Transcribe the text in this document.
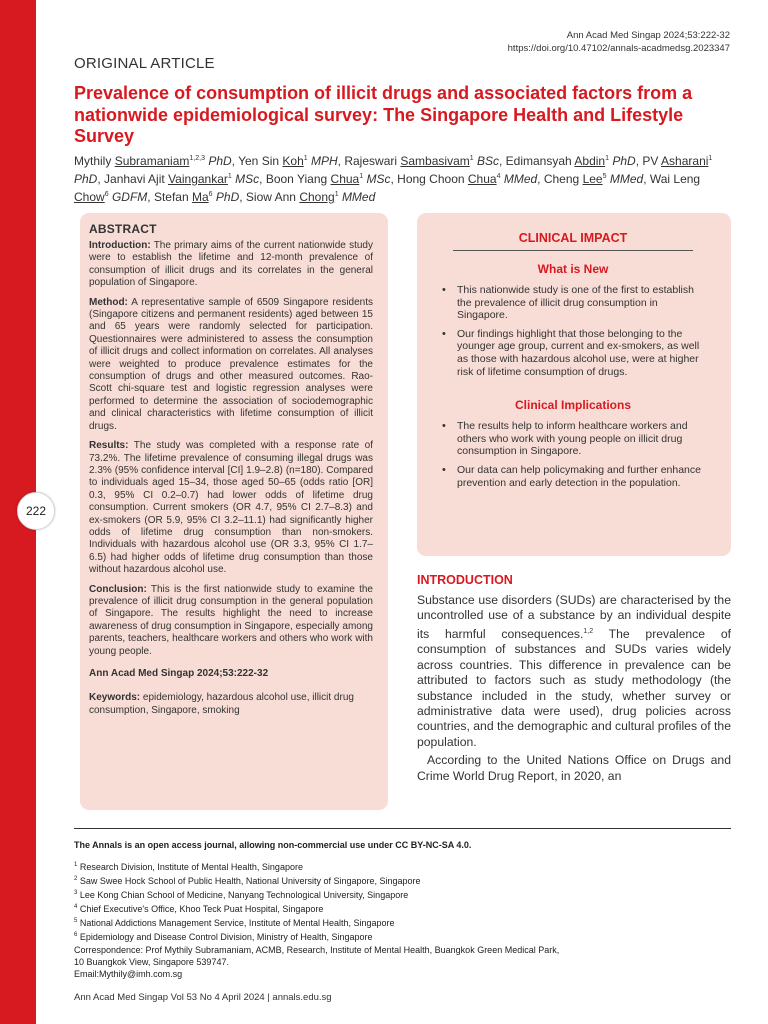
222
Ann Acad Med Singap 2024;53:222-32
https://doi.org/10.47102/annals-acadmedsg.2023347
ORIGINAL ARTICLE
Prevalence of consumption of illicit drugs and associated factors from a nationwide epidemiological survey: The Singapore Health and Lifestyle Survey
Mythily Subramaniam$^{1,2,3}$ PhD, Yen Sin Koh$^1$ MPH, Rajeswari Sambasivam$^1$ BSc, Edimansyah Abdin$^1$ PhD, PV Asharani$^1$ PhD, Janhavi Ajit Vaingankar$^1$ MSc, Boon Yiang Chua$^1$ MSc, Hong Choon Chua$^4$ MMed, Cheng Lee$^5$ MMed, Wai Leng Chow$^6$ GDFM, Stefan Ma$^6$ PhD, Siow Ann Chong$^1$ MMed
ABSTRACT

Introduction: The primary aims of the current nationwide study were to establish the lifetime and 12-month prevalence of consumption of illicit drugs and its correlates in the general population of Singapore.

Method: A representative sample of 6509 Singapore residents (Singapore citizens and permanent residents) aged between 15 and 65 years were randomly selected for participation. Questionnaires were administered to assess the consumption of illicit drugs and collect information on correlates. All analyses were weighted to produce prevalence estimates for the consumption of drugs and other measured outcomes. Rao-Scott chi-square test and logistic regression analyses were performed to determine the association of sociodemographic and clinical characteristics with lifetime consumption of illicit drugs.

Results: The study was completed with a response rate of 73.2%. The lifetime prevalence of consuming illegal drugs was 2.3% (95% confidence interval [CI] 1.9–2.8) (n=180). Compared to individuals aged 15–34, those aged 50–65 (odds ratio [OR] 0.3, 95% CI 0.2–0.7) had lower odds of lifetime drug consumption. Current smokers (OR 4.7, 95% CI 2.7–8.3) and ex-smokers (OR 5.9, 95% CI 3.2–11.1) had significantly higher odds of lifetime drug consumption than non-smokers. Individuals with hazardous alcohol use (OR 3.3, 95% CI 1.7–6.5) had higher odds of lifetime drug consumption than those without hazardous alcohol use.

Conclusion: This is the first nationwide study to examine the prevalence of illicit drug consumption in the general population of Singapore. The results highlight the need to increase awareness of drug consumption in Singapore, especially among parents, teachers, healthcare workers and others who work with young people.

Ann Acad Med Singap 2024;53:222-32

Keywords: epidemiology, hazardous alcohol use, illicit drug consumption, Singapore, smoking

CLINICAL IMPACT
What is New
• This nationwide study is one of the first to establish the prevalence of illicit drug consumption in Singapore.
• Our findings highlight that those belonging to the younger age group, current and ex-smokers, as well as those with hazardous alcohol use, were at higher risk of lifetime consumption of drugs.
Clinical Implications
• The results help to inform healthcare workers and others who work with young people on illicit drug consumption in Singapore.
• Our data can help policymaking and further enhance prevention and early detection in the population.
INTRODUCTION

Substance use disorders (SUDs) are characterised by the uncontrolled use of a substance by an individual despite its harmful consequences.$^{1,2}$ The prevalence of consumption of substances and SUDs varies widely across countries. This difference in prevalence can be attributed to factors such as study methodology (the substance included in the study, whether survey or administrative data were used), drug policies across countries, and the demographic and cultural profiles of the population.

According to the United Nations Office on Drugs and Crime World Drug Report, in 2020, an

The Annals is an open access journal, allowing non-commercial use under CC BY-NC-SA 4.0.
$^1$ Research Division, Institute of Mental Health, Singapore
$^2$ Saw Swee Hock School of Public Health, National University of Singapore, Singapore
$^3$ Lee Kong Chian School of Medicine, Nanyang Technological University, Singapore
$^4$ Chief Executive's Office, Khoo Teck Puat Hospital, Singapore
$^5$ National Addictions Management Service, Institute of Mental Health, Singapore
$^6$ Epidemiology and Disease Control Division, Ministry of Health, Singapore
Correspondence: Prof Mythily Subramaniam, ACMB, Research, Institute of Mental Health, Buangkok Green Medical Park,
10 Buangkok View, Singapore 539747.
Email:Mythily@imh.com.sg
Ann Acad Med Singap Vol 53 No 4 April 2024 | annals.edu.sg
